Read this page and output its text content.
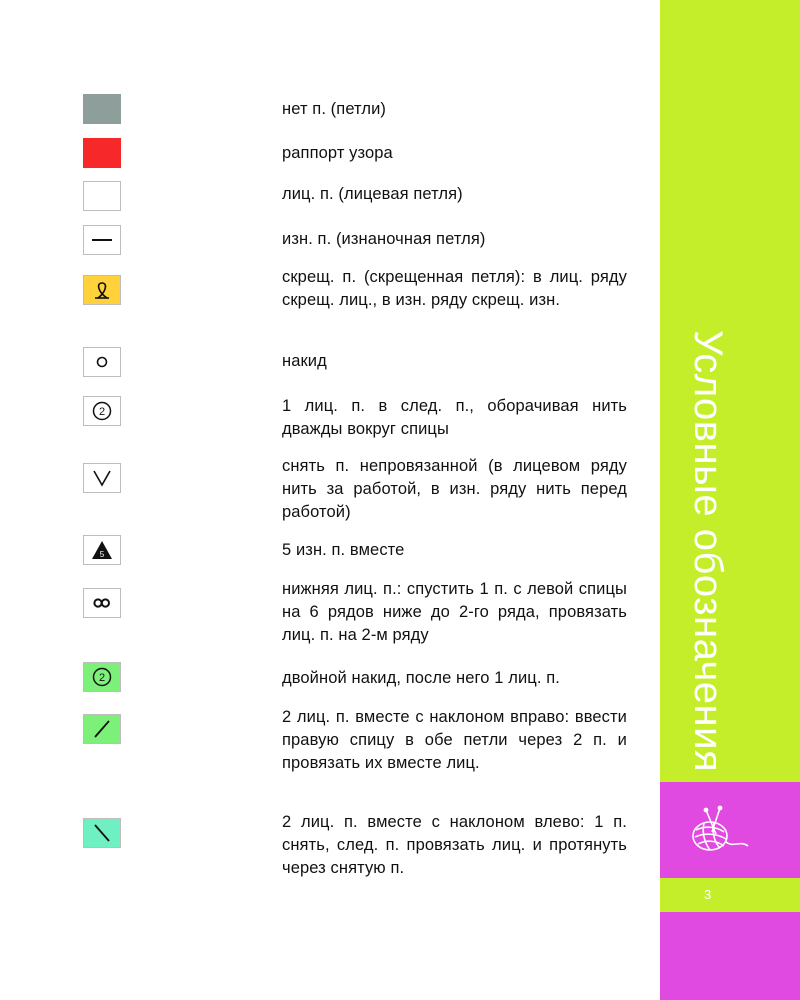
нет п. (петли)
раппорт узора
лиц. п. (лицевая петля)
изн. п. (изнаночная петля)
скрещ. п. (скрещенная петля): в лиц. ряду скрещ. лиц., в изн. ряду скрещ. изн.
накид
2	1 лиц. п. в след. п., оборачивая нить дважды вокруг спицы
снять п. непровязанной (в лицевом ряду нить за работой, в изн. ряду нить перед работой)
5	5 изн. п. вместе
нижняя лиц. п.: спустить 1 п. с левой спицы на 6 рядов ниже до 2-го ряда, провязать лиц. п. на 2-м ряду
2	двойной накид, после него 1 лиц. п.
2 лиц. п. вместе с наклоном вправо: ввести правую спицу в обе петли через 2 п. и провязать их вместе лиц.
2 лиц. п. вместе с наклоном влево: 1 п. снять, след. п. провязать лиц. и протянуть через снятую п.
Условные обозначения
3
